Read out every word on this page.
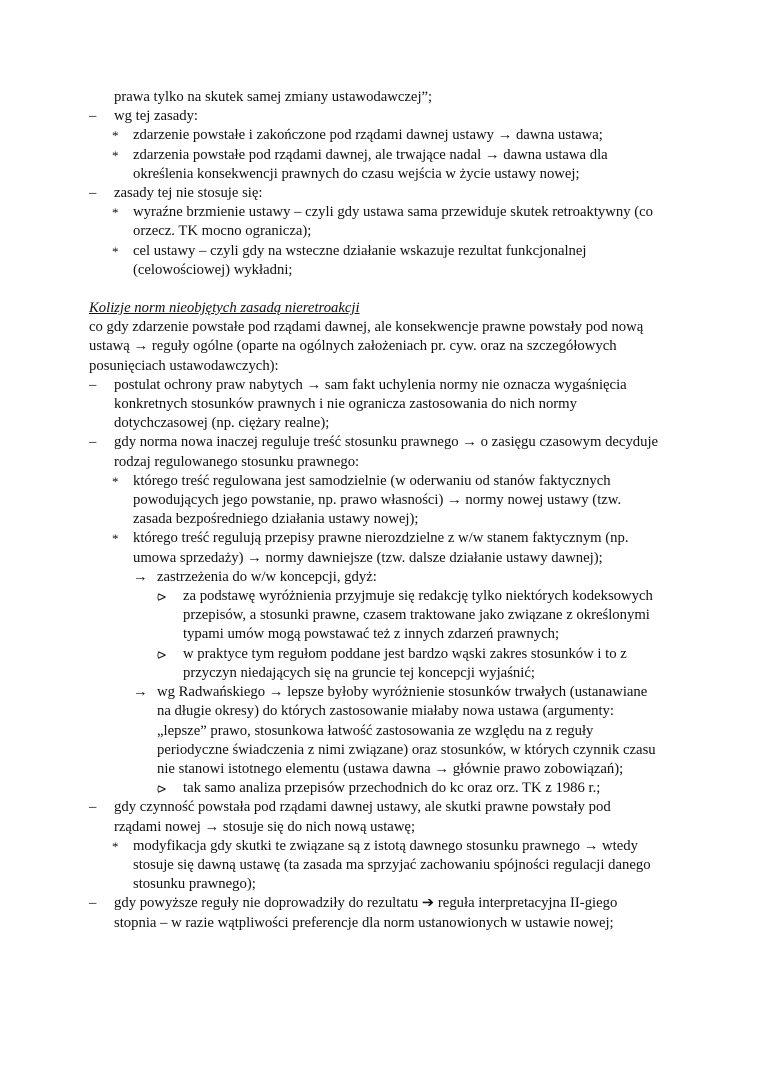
prawa tylko na skutek samej zmiany ustawodawczej”;

– wg tej zasady:
* zdarzenie powstałe i zakończone pod rządami dawnej ustawy → dawna ustawa;
* zdarzenia powstałe pod rządami dawnej, ale trwające nadal → dawna ustawa dla określenia konsekwencji prawnych do czasu wejścia w życie ustawy nowej;
– zasady tej nie stosuje się:
* wyraźne brzmienie ustawy – czyli gdy ustawa sama przewiduje skutek retroaktywny (co orzecz. TK mocno ogranicza);
* cel ustawy – czyli gdy na wsteczne działanie wskazuje rezultat funkcjonalnej (celowościowej) wykładni;

Kolizje norm nieobjętych zasadą nieretroakcji

co gdy zdarzenie powstałe pod rządami dawnej, ale konsekwencje prawne powstały pod nową ustawą → reguły ogólne (oparte na ogólnych założeniach pr. cyw. oraz na szczegółowych posunięciach ustawodawczych):

– postulat ochrony praw nabytych → sam fakt uchylenia normy nie oznacza wygaśnięcia konkretnych stosunków prawnych i nie ogranicza zastosowania do nich normy dotychczasowej (np. ciężary realne);
– gdy norma nowa inaczej reguluje treść stosunku prawnego → o zasięgu czasowym decyduje rodzaj regulowanego stosunku prawnego:
* którego treść regulowana jest samodzielnie (w oderwaniu od stanów faktycznych powodujących jego powstanie, np. prawo własności) → normy nowej ustawy (tzw. zasada bezpośredniego działania ustawy nowej);
* którego treść regulują przepisy prawne nierozdzielne z w/w stanem faktycznym (np. umowa sprzedaży) → normy dawniejsze (tzw. dalsze działanie ustawy dawnej);
→ zastrzeżenia do w/w koncepcji, gdyż:
⪧ za podstawę wyróżnienia przyjmuje się redakcję tylko niektórych kodeksowych przepisów, a stosunki prawne, czasem traktowane jako związane z określonymi typami umów mogą powstawać też z innych zdarzeń prawnych;
⪧ w praktyce tym regułom poddane jest bardzo wąski zakres stosunków i to z przyczyn niedających się na gruncie tej koncepcji wyjaśnić;
→ wg Radwańskiego → lepsze byłoby wyróżnienie stosunków trwałych (ustanawiane na długie okresy) do których zastosowanie miałaby nowa ustawa (argumenty: „lepsze” prawo, stosunkowa łatwość zastosowania ze względu na z reguły periodyczne świadczenia z nimi związane) oraz stosunków, w których czynnik czasu nie stanowi istotnego elementu (ustawa dawna → głównie prawo zobowiązań);
⪧ tak samo analiza przepisów przechodnich do kc oraz orz. TK z 1986 r.;
– gdy czynność powstała pod rządami dawnej ustawy, ale skutki prawne powstały pod rządami nowej → stosuje się do nich nową ustawę;
* modyfikacja gdy skutki te związane są z istotą dawnego stosunku prawnego → wtedy stosuje się dawną ustawę (ta zasada ma sprzyjać zachowaniu spójności regulacji danego stosunku prawnego);
– gdy powyższe reguły nie doprowadziły do rezultatu ➔ reguła interpretacyjna II-giego stopnia – w razie wątpliwości preferencje dla norm ustanowionych w ustawie nowej;
